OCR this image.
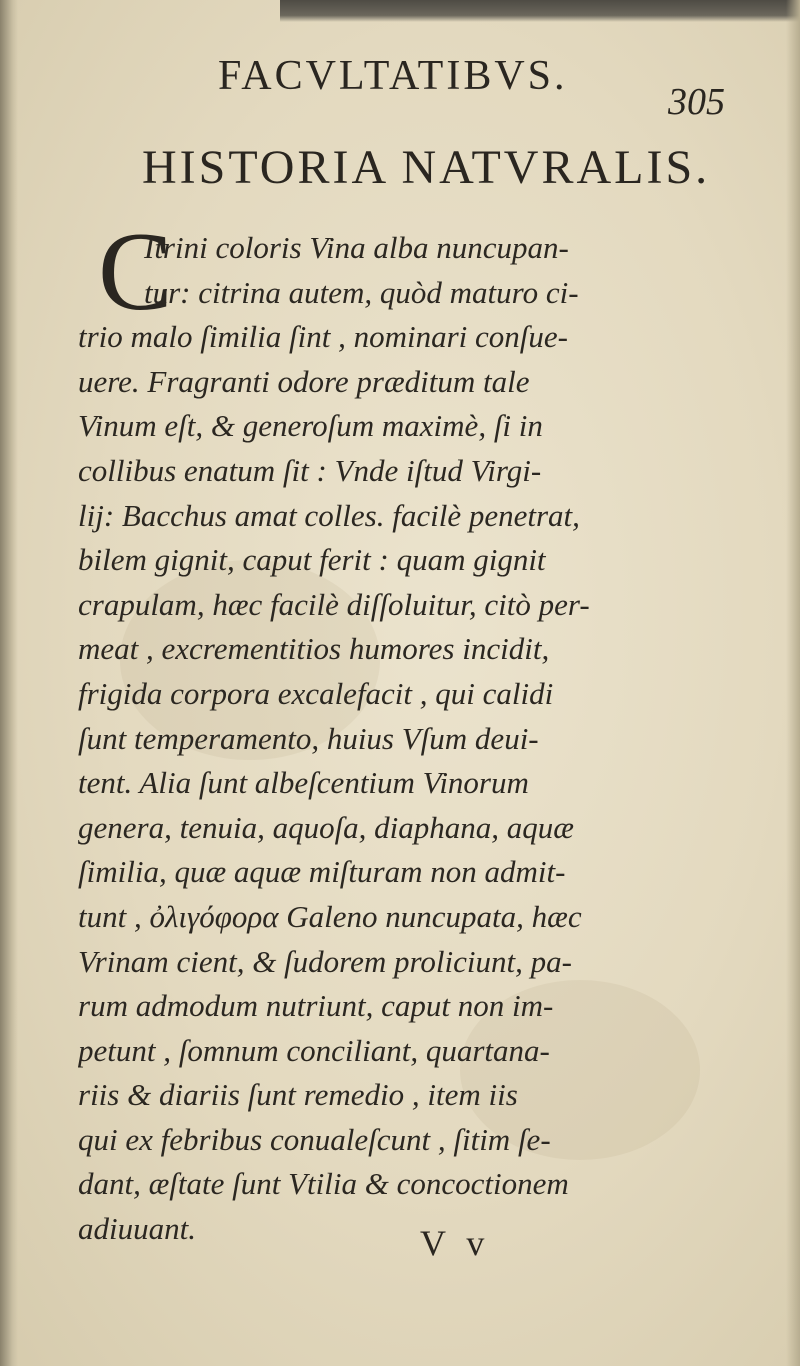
FACVLTATIBVS.
305
HISTORIA NATVRALIS.
C
Itrini coloris Vina alba nuncupan-
tur: citrina autem, quòd maturo ci-
trio malo ſimilia ſint , nominari conſue-
uere. Fragranti odore præditum tale
Vinum eſt, & generoſum maximè, ſi in
collibus enatum ſit : Vnde iſtud Virgi-
lij: Bacchus amat colles. facilè penetrat,
bilem gignit, caput ferit : quam gignit
crapulam, hæc facilè diſſoluitur, citò per-
meat , excrementitios humores incidit,
frigida corpora excalefacit , qui calidi
ſunt temperamento, huius Vſum deui-
tent. Alia ſunt albeſcentium Vinorum
genera, tenuia, aquoſa, diaphana, aquæ
ſimilia, quæ aquæ miſturam non admit-
tunt , ὀλιγόφορα Galeno nuncupata, hæc
Vrinam cient, & ſudorem proliciunt, pa-
rum admodum nutriunt, caput non im-
petunt , ſomnum conciliant, quartana-
riis & diariis ſunt remedio , item iis
qui ex febribus conualeſcunt , ſitim ſe-
dant, æſtate ſunt Vtilia & concoctionem
adiuuant.	V v
